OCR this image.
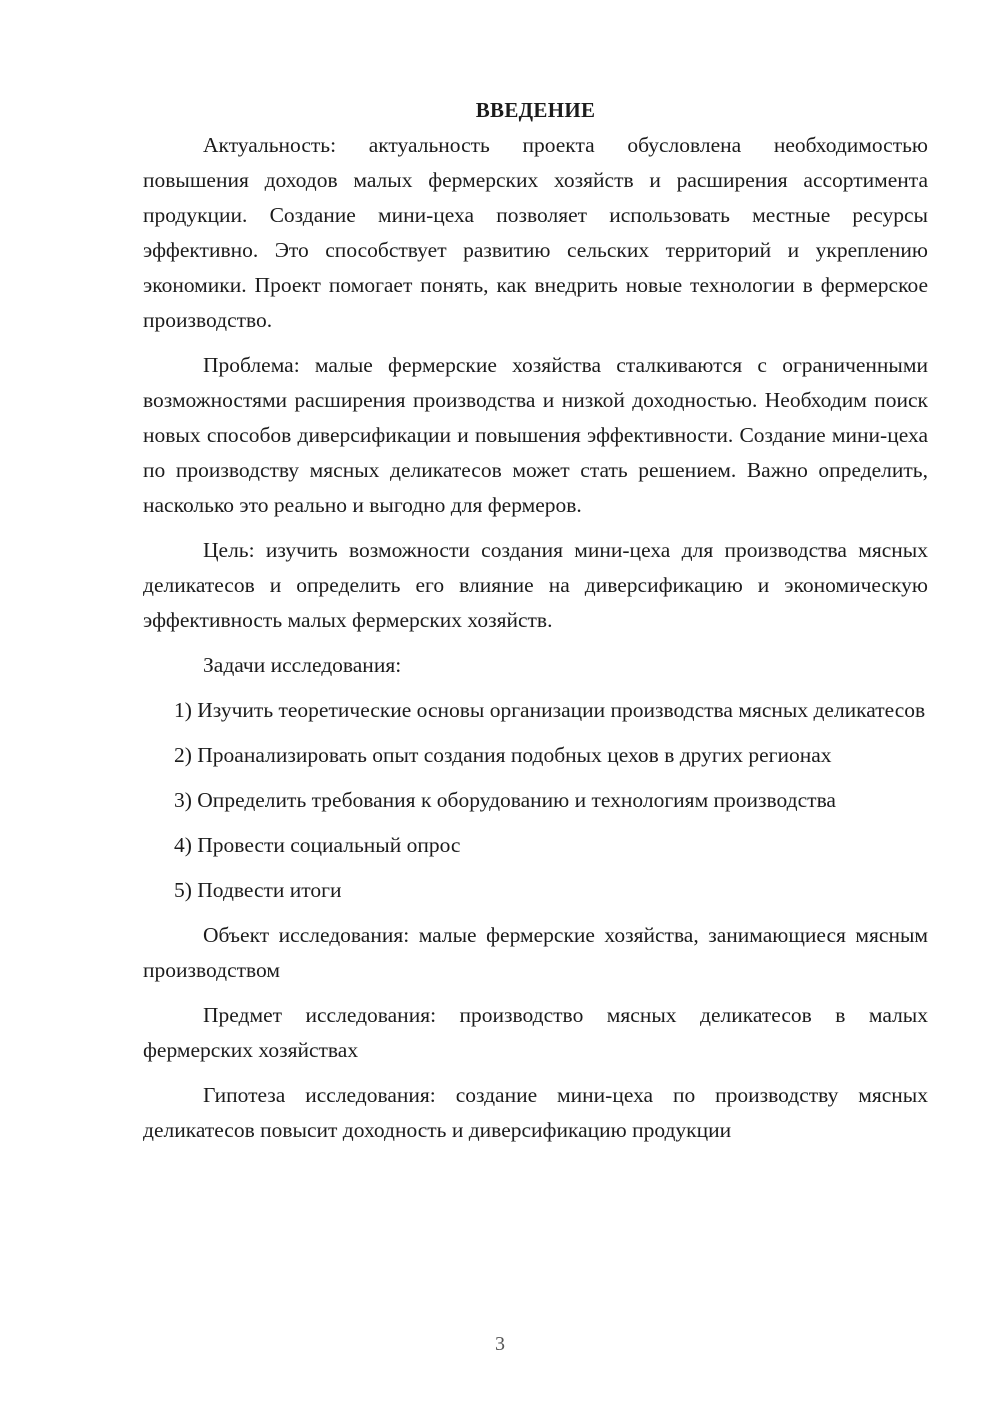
ВВЕДЕНИЕ

Актуальность: актуальность проекта обусловлена необходимостью повышения доходов малых фермерских хозяйств и расширения ассортимента продукции. Создание мини-цеха позволяет использовать местные ресурсы эффективно. Это способствует развитию сельских территорий и укреплению экономики. Проект помогает понять, как внедрить новые технологии в фермерское производство.

Проблема: малые фермерские хозяйства сталкиваются с ограниченными возможностями расширения производства и низкой доходностью. Необходим поиск новых способов диверсификации и повышения эффективности. Создание мини-цеха по производству мясных деликатесов может стать решением. Важно определить, насколько это реально и выгодно для фермеров.

Цель: изучить возможности создания мини-цеха для производства мясных деликатесов и определить его влияние на диверсификацию и экономическую эффективность малых фермерских хозяйств.

Задачи исследования:

1) Изучить теоретические основы организации производства мясных деликатесов

2) Проанализировать опыт создания подобных цехов в других регионах

3) Определить требования к оборудованию и технологиям производства

4) Провести социальный опрос

5) Подвести итоги

Объект исследования: малые фермерские хозяйства, занимающиеся мясным производством

Предмет исследования: производство мясных деликатесов в малых фермерских хозяйствах

Гипотеза исследования: создание мини-цеха по производству мясных деликатесов повысит доходность и диверсификацию продукции

3
